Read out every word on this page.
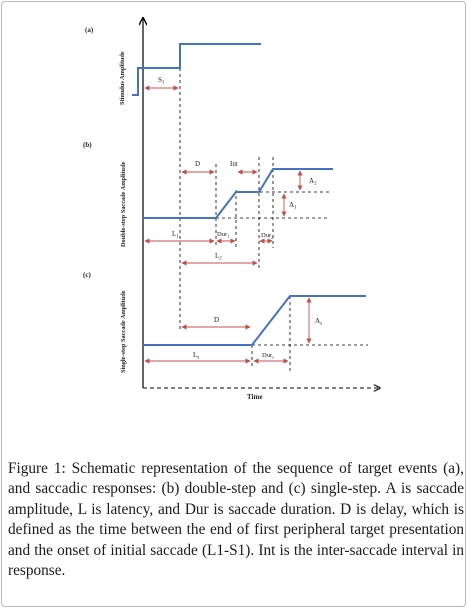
Time
(a)
Stimulus Amplitude	$S_1$
(b)
Double-step Saccade Amplitude	D	Int
$A_2$
$A_1$
$L_1$	Dur$_1$	Dur$_2$
$L_2$
(c)
Single-step Saccade Amplitude	D	$A_s$
$L_s$	Dur$_s$
Figure 1: Schematic representation of the sequence of target events (a), and saccadic responses: (b) double-step and (c) single-step. A is saccade amplitude, L is latency, and Dur is saccade duration. D is delay, which is defined as the time between the end of first peripheral target presentation and the onset of initial saccade (L1-S1). Int is the inter-saccade interval in response.
